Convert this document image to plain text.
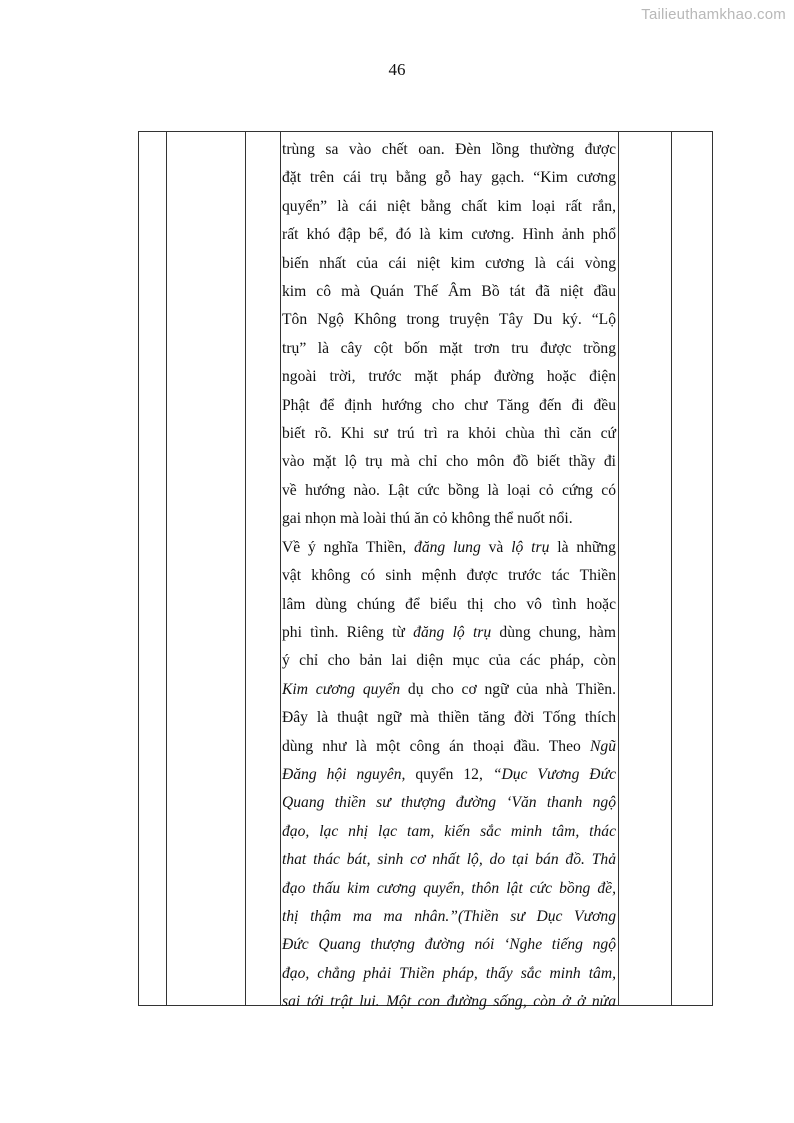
Tailieuthamkhao.com
46
trùng sa vào chết oan. Đèn lồng thường được
đặt trên cái trụ bằng gỗ hay gạch. “Kim cương
quyển” là cái niệt bằng chất kim loại rất rắn,
rất khó đập bể, đó là kim cương. Hình ảnh phổ
biến nhất của cái niệt kim cương là cái vòng
kim cô mà Quán Thế Âm Bồ tát đã niệt đầu
Tôn Ngộ Không trong truyện Tây Du ký. “Lộ
trụ” là cây cột bốn mặt trơn tru được trồng
ngoài trời, trước mặt pháp đường hoặc điện
Phật để định hướng cho chư Tăng đến đi đều
biết rõ. Khi sư trú trì ra khỏi chùa thì căn cứ
vào mặt lộ trụ mà chỉ cho môn đồ biết thầy đi
về hướng nào. Lật cức bồng là loại cỏ cứng có
gai nhọn mà loài thú ăn cỏ không thể nuốt nổi.
Về ý nghĩa Thiền, đăng lung và lộ trụ là những
vật không có sinh mệnh được trước tác Thiền
lâm dùng chúng để biểu thị cho vô tình hoặc
phi tình. Riêng từ đăng lộ trụ dùng chung, hàm
ý chỉ cho bản lai diện mục của các pháp, còn
Kim cương quyển dụ cho cơ ngữ của nhà Thiền.
Đây là thuật ngữ mà thiền tăng đời Tống thích
dùng như là một công án thoại đầu. Theo Ngũ
Đăng hội nguyên, quyển 12, “Dục Vương Đức
Quang thiền sư thượng đường ‘Văn thanh ngộ
đạo, lạc nhị lạc tam, kiến sắc minh tâm, thác
that thác bát, sinh cơ nhất lộ, do tại bán đồ. Thả
đạo thấu kim cương quyển, thôn lật cức bồng đề,
thị thậm ma ma nhân.”(Thiền sư Dục Vương
Đức Quang thượng đường nói ‘Nghe tiếng ngộ
đạo, chẳng phải Thiền pháp, thấy sắc minh tâm,
sai tới trật lui. Một con đường sống, còn ở ở nửa
